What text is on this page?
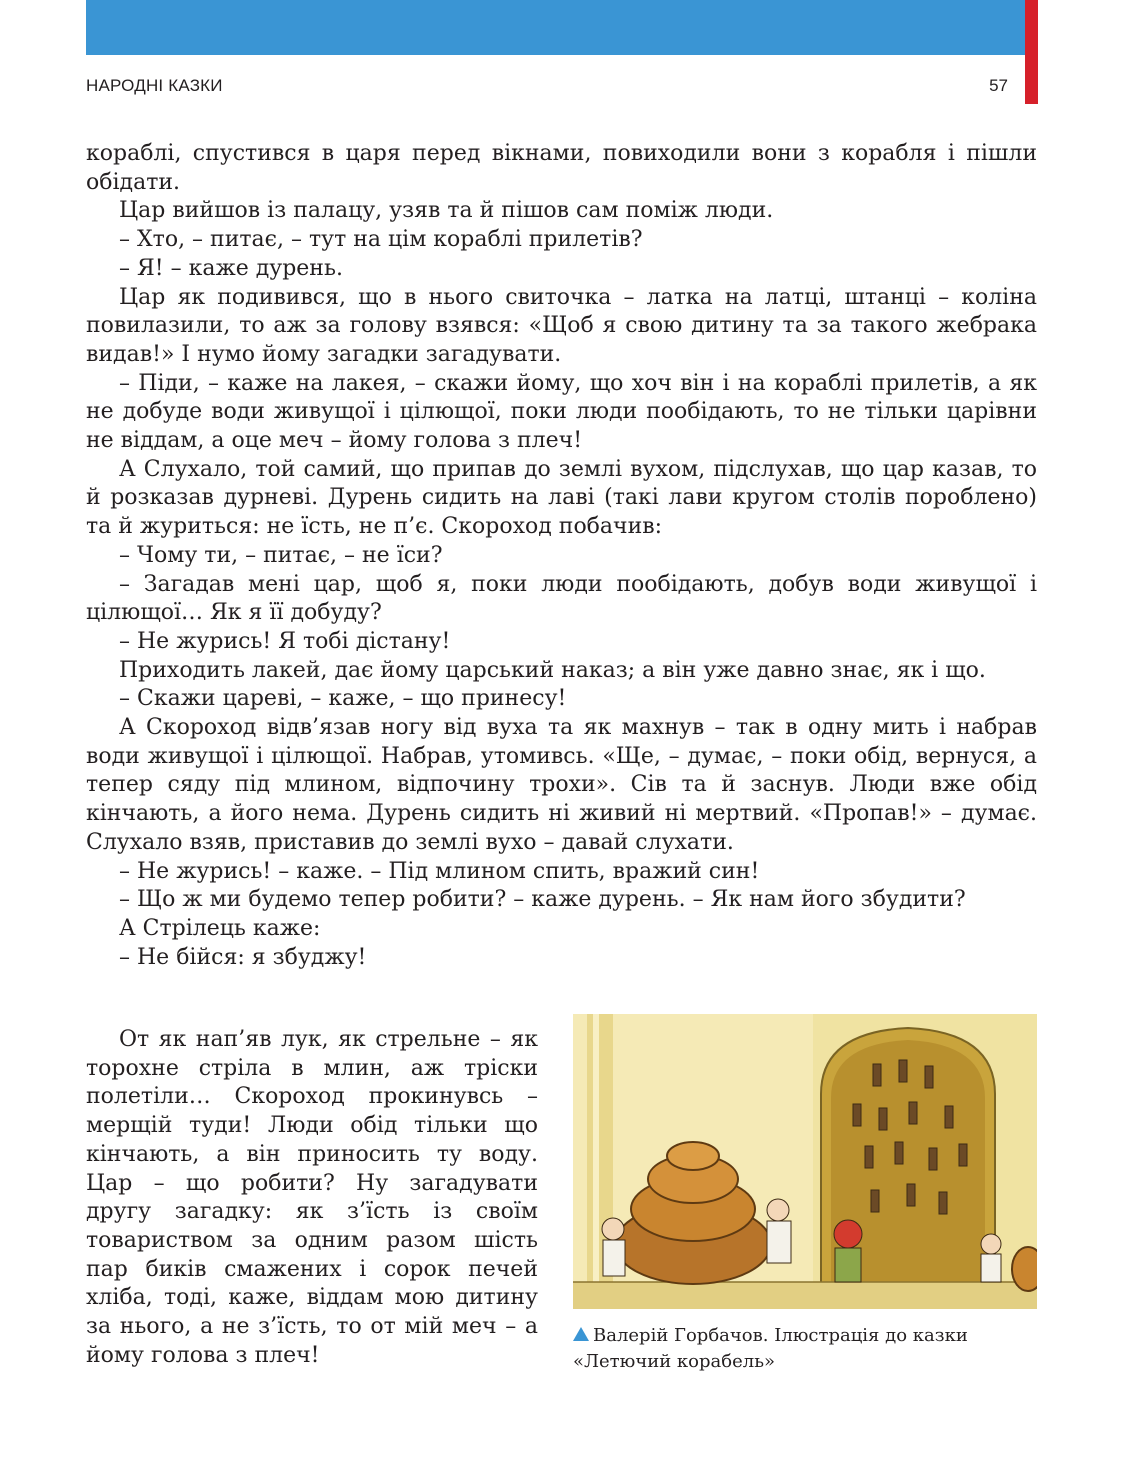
НАРОДНІ КАЗКИ	57

кораблі, спустився в царя перед вікнами, повиходили вони з корабля і пішли обідати.

Цар вийшов із палацу, узяв та й пішов сам поміж люди.

– Хто, – питає, – тут на цім кораблі прилетів?

– Я! – каже дурень.

Цар як подивився, що в нього свиточка – латка на латці, штанці – коліна повилазили, то аж за голову взявся: «Щоб я свою дитину та за такого жебрака видав!» І нумо йому загадки загадувати.

– Піди, – каже на лакея, – скажи йому, що хоч він і на кораблі прилетів, а як не добуде води живущої і цілющої, поки люди пообідають, то не тільки царівни не віддам, а оце меч – йому голова з плеч!

А Слухало, той самий, що припав до землі вухом, підслухав, що цар казав, то й розказав дурневі. Дурень сидить на лаві (такі лави кругом столів пороблено) та й журиться: не їсть, не п’є. Скороход побачив:

– Чому ти, – питає, – не їси?

– Загадав мені цар, щоб я, поки люди пообідають, добув води живущої і цілющої… Як я її добуду?

– Не журись! Я тобі дістану!

Приходить лакей, дає йому царський наказ; а він уже давно знає, як і що.

– Скажи цареві, – каже, – що принесу!

А Скороход відв’язав ногу від вуха та як махнув – так в одну мить і набрав води живущої і цілющої. Набрав, утомивсь. «Ще, – думає, – поки обід, вернуся, а тепер сяду під млином, відпочину трохи». Сів та й заснув. Люди вже обід кінчають, а його нема. Дурень сидить ні живий ні мертвий. «Пропав!» – думає. Слухало взяв, приставив до землі вухо – давай слухати.

– Не журись! – каже. – Під млином спить, вражий син!

– Що ж ми будемо тепер робити? – каже дурень. – Як нам його збудити?

А Стрілець каже:

– Не бійся: я збуджу!

От як нап’яв лук, як стрельне – як торохне стріла в млин, аж тріски полетіли… Скороход прокинувсь – мерщій туди! Люди обід тільки що кінчають, а він приносить ту воду. Цар – що робити? Ну загадувати другу загадку: як з’їсть із своїм товариством за одним разом шість пар биків смажених і сорок печей хліба, тоді, каже, віддам мою дитину за нього, а не з’їсть, то от мій меч – а йому голова з плеч!

Валерій Горбачов. Ілюстрація до казки «Летючий корабель»
